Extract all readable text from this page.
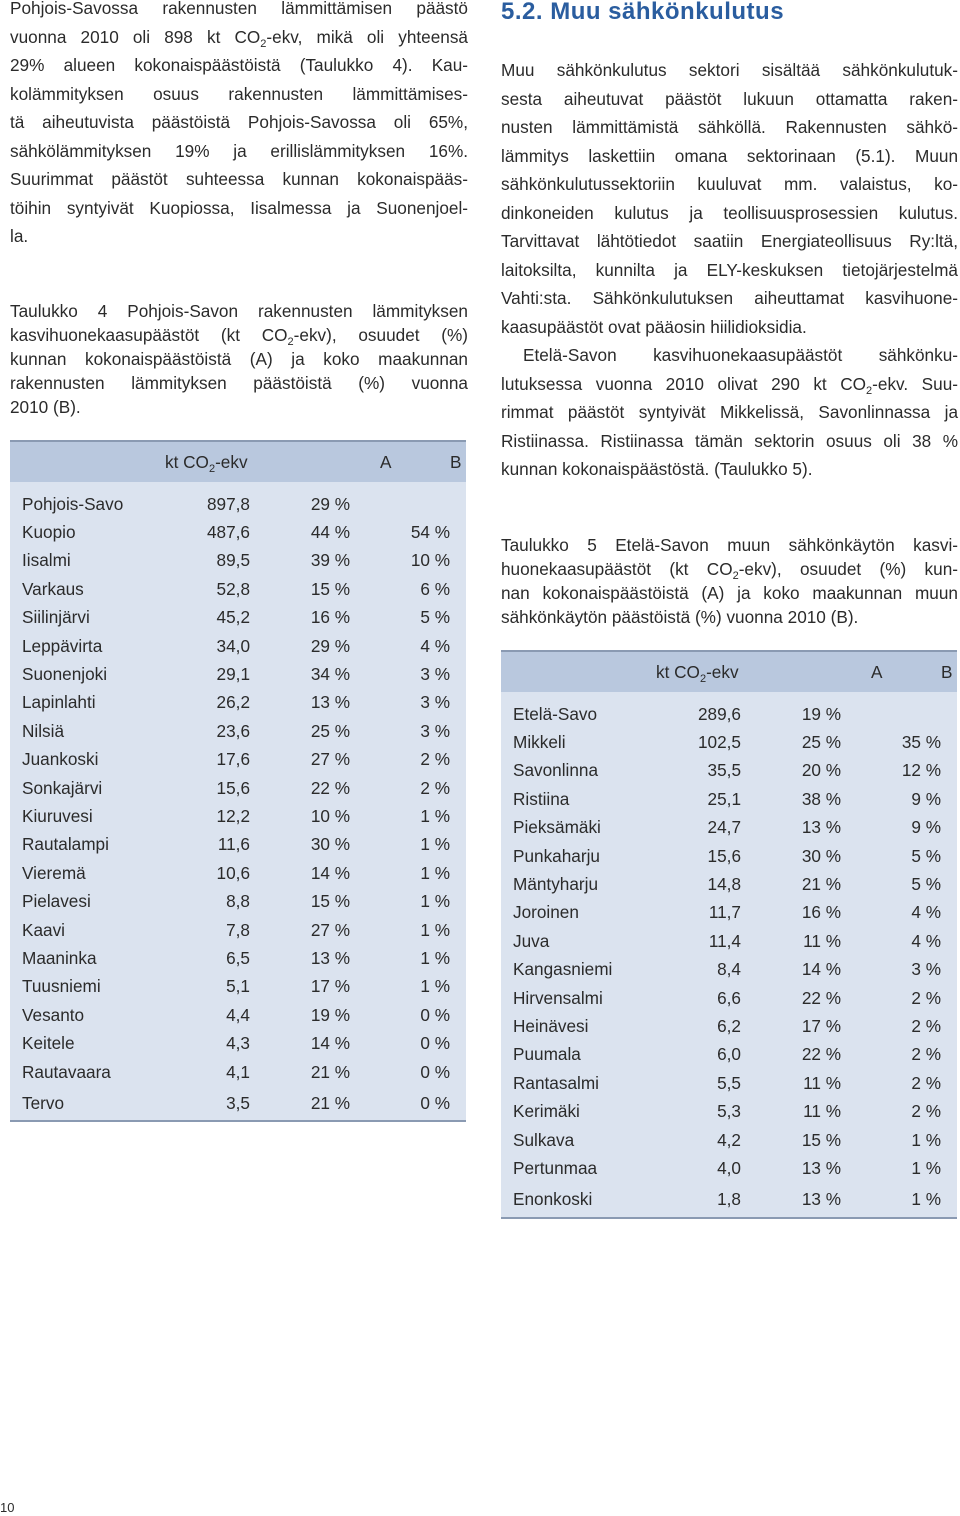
Pohjois-Savossa rakennusten lämmittämisen päästö
vuonna 2010 oli 898 kt $CO_2$-ekv, mikä oli yhteensä
29% alueen kokonaispäästöistä (Taulukko 4). Kau-
kolämmityksen osuus rakennusten lämmittämises-
tä aiheutuvista päästöistä Pohjois-Savossa oli 65%,
sähkölämmityksen 19% ja erillislämmityksen 16%.
Suurimmat päästöt suhteessa kunnan kokonaispääs-
töihin syntyivät Kuopiossa, Iisalmessa ja Suonenjoel-
la.

Taulukko 4 Pohjois-Savon rakennusten lämmityksen
kasvihuonekaasupäästöt (kt $CO_2-ekv$), osuudet (%)
kunnan kokonaispäästöistä (A) ja koko maakunnan
rakennusten lämmityksen päästöistä (%) vuonna
2010 (B).

	kt $CO_2$-ekv		A	B
Pohjois-Savo	897,8	29 %		
Kuopio	487,6	44 %	54 %	
Iisalmi	89,5	39 %	10 %	
Varkaus	52,8	15 %	6 %	
Siilinjärvi	45,2	16 %	5 %	
Leppävirta	34,0	29 %	4 %	
Suonenjoki	29,1	34 %	3 %	
Lapinlahti	26,2	13 %	3 %	
Nilsiä	23,6	25 %	3 %	
Juankoski	17,6	27 %	2 %	
Sonkajärvi	15,6	22 %	2 %	
Kiuruvesi	12,2	10 %	1 %	
Rautalampi	11,6	30 %	1 %	
Vieremä	10,6	14 %	1 %	
Pielavesi	8,8	15 %	1 %	
Kaavi	7,8	27 %	1 %	
Maaninka	6,5	13 %	1 %	
Tuusniemi	5,1	17 %	1 %	
Vesanto	4,4	19 %	0 %	
Keitele	4,3	14 %	0 %	
Rautavaara	4,1	21 %	0 %	
Tervo	3,5	21 %	0 %	
5.2. Muu sähkönkulutus

Muu sähkönkulutus sektori sisältää sähkönkulutuk-
sesta aiheutuvat päästöt lukuun ottamatta raken-
nusten lämmittämistä sähköllä. Rakennusten sähkö-
lämmitys laskettiin omana sektorinaan (5.1). Muun
sähkönkulutussektoriin kuuluvat mm. valaistus, ko-
dinkoneiden kulutus ja teollisuusprosessien kulutus.
Tarvittavat lähtötiedot saatiin Energiateollisuus Ry:ltä,
laitoksilta, kunnilta ja ELY-keskuksen tietojärjestelmä
Vahti:sta. Sähkönkulutuksen aiheuttamat kasvihuone-
kaasupäästöt ovat pääosin hiilidioksidia.

Etelä-Savon kasvihuonekaasupäästöt sähkönku-
lutuksessa vuonna 2010 olivat 290 kt $CO_2$-ekv. Suu-
rimmat päästöt syntyivät Mikkelissä, Savonlinnassa ja
Ristiinassa. Ristiinassa tämän sektorin osuus oli 38 %
kunnan kokonaispäästöstä. (Taulukko 5).

Taulukko 5 Etelä-Savon muun sähkönkäytön kasvi-
huonekaasupäästöt (kt $CO_2-ekv$), osuudet (%) kun-
nan kokonaispäästöistä (A) ja koko maakunnan muun
sähkönkäytön päästöistä (%) vuonna 2010 (B).

	kt $CO_2$-ekv		A	B
Etelä-Savo	289,6	19 %		
Mikkeli	102,5	25 %	35 %	
Savonlinna	35,5	20 %	12 %	
Ristiina	25,1	38 %	9 %	
Pieksämäki	24,7	13 %	9 %	
Punkaharju	15,6	30 %	5 %	
Mäntyharju	14,8	21 %	5 %	
Joroinen	11,7	16 %	4 %	
Juva	11,4	11 %	4 %	
Kangasniemi	8,4	14 %	3 %	
Hirvensalmi	6,6	22 %	2 %	
Heinävesi	6,2	17 %	2 %	
Puumala	6,0	22 %	2 %	
Rantasalmi	5,5	11 %	2 %	
Kerimäki	5,3	11 %	2 %	
Sulkava	4,2	15 %	1 %	
Pertunmaa	4,0	13 %	1 %	
Enonkoski	1,8	13 %	1 %	
10
